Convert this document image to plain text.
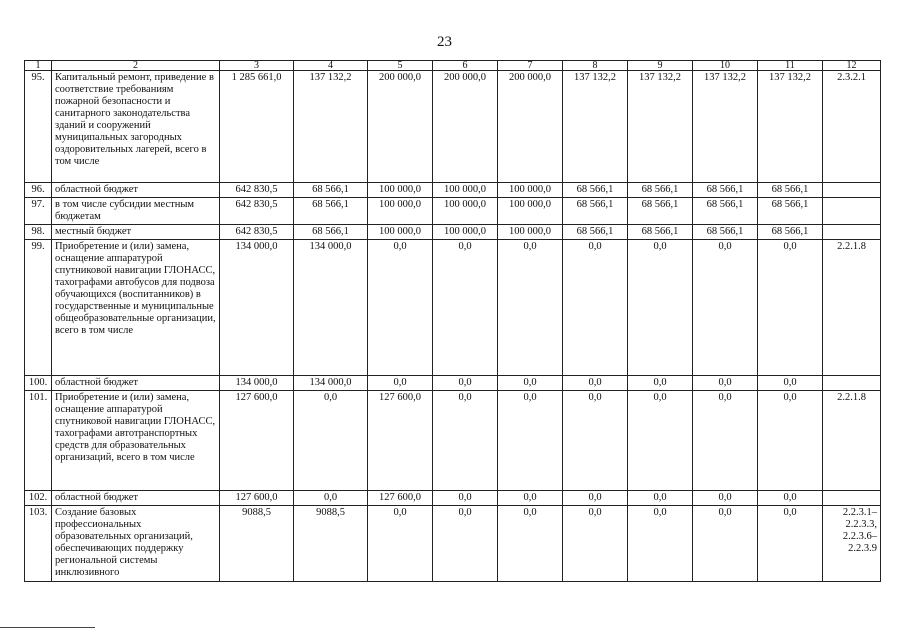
23
1	2	3	4	5	6	7	8	9	10	11	12
95.	Капитальный ремонт, приведение в соответствие требованиям пожарной безопасности и санитарного законодательства зданий и сооружений муниципальных загородных оздоровительных лагерей, всего в том числе	1 285 661,0	137 132,2	200 000,0	200 000,0	200 000,0	137 132,2	137 132,2	137 132,2	137 132,2	2.3.2.1
96.	областной бюджет	642 830,5	68 566,1	100 000,0	100 000,0	100 000,0	68 566,1	68 566,1	68 566,1	68 566,1	
97.	в том числе субсидии местным бюджетам	642 830,5	68 566,1	100 000,0	100 000,0	100 000,0	68 566,1	68 566,1	68 566,1	68 566,1	
98.	местный бюджет	642 830,5	68 566,1	100 000,0	100 000,0	100 000,0	68 566,1	68 566,1	68 566,1	68 566,1	
99.	Приобретение и (или) замена, оснащение аппаратурой спутниковой навигации ГЛОНАСС, тахографами автобусов для подвоза обучающихся (воспитанников) в государственные и муниципальные общеобразовательные организации, всего в том числе	134 000,0	134 000,0	0,0	0,0	0,0	0,0	0,0	0,0	0,0	2.2.1.8
100.	областной бюджет	134 000,0	134 000,0	0,0	0,0	0,0	0,0	0,0	0,0	0,0	
101.	Приобретение и (или) замена, оснащение аппаратурой спутниковой навигации ГЛОНАСС, тахографами автотранспортных средств для образовательных организаций, всего в том числе	127 600,0	0,0	127 600,0	0,0	0,0	0,0	0,0	0,0	0,0	2.2.1.8
102.	областной бюджет	127 600,0	0,0	127 600,0	0,0	0,0	0,0	0,0	0,0	0,0	
103.	Создание базовых профессиональных образовательных организаций, обеспечивающих поддержку региональной системы инклюзивного	9088,5	9088,5	0,0	0,0	0,0	0,0	0,0	0,0	0,0	2.2.3.1– 2.2.3.3, 2.2.3.6– 2.2.3.9
